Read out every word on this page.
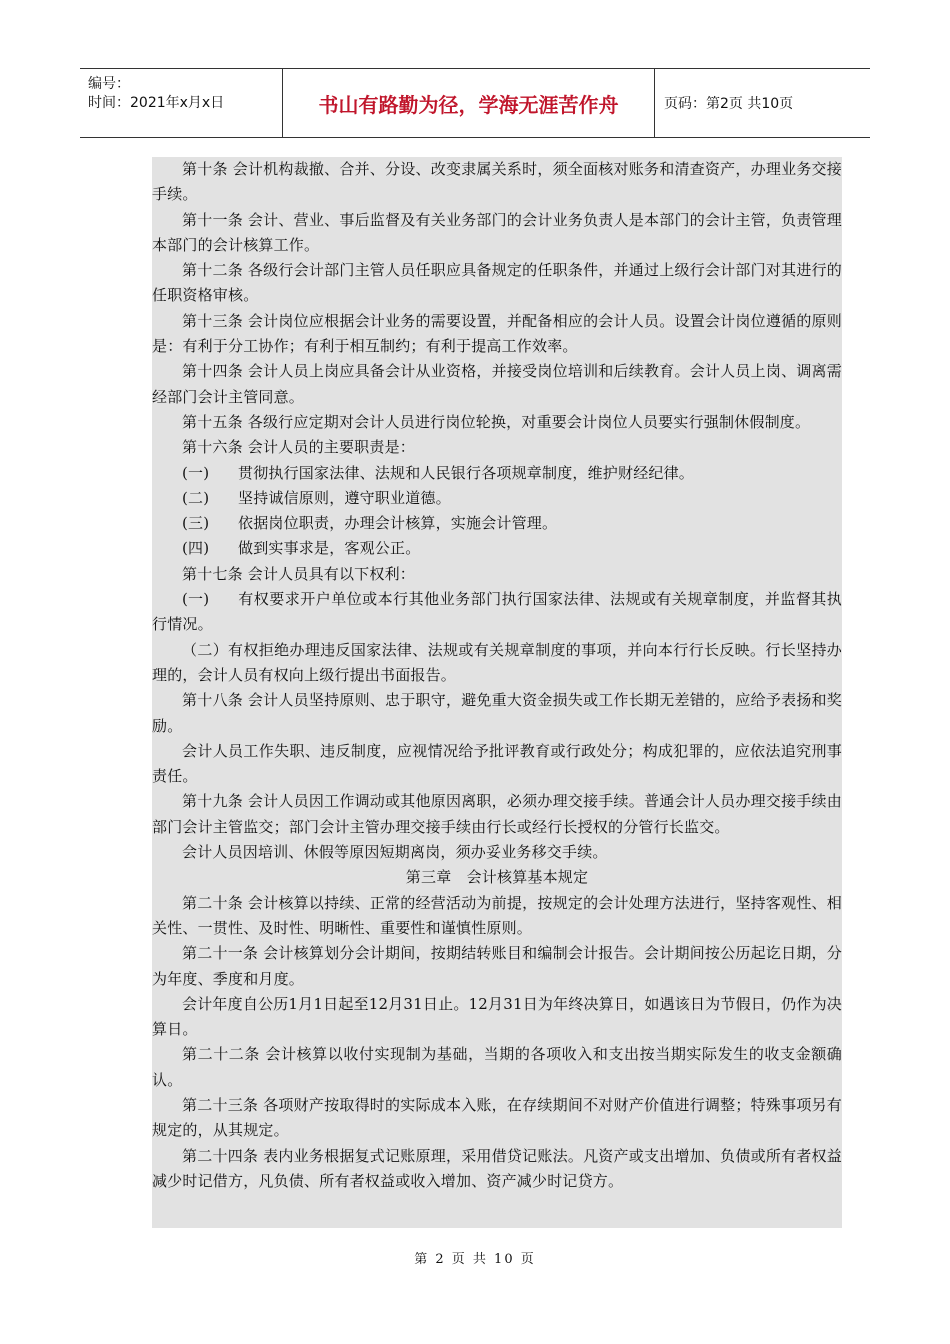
编号：
时间：2021年x月x日	书山有路勤为径，学海无涯苦作舟	页码：第2页 共10页

第十条 会计机构裁撤、合并、分设、改变隶属关系时，须全面核对账务和清查资产，办理业务交接手续。

第十一条 会计、营业、事后监督及有关业务部门的会计业务负责人是本部门的会计主管，负责管理本部门的会计核算工作。

第十二条 各级行会计部门主管人员任职应具备规定的任职条件，并通过上级行会计部门对其进行的任职资格审核。

第十三条 会计岗位应根据会计业务的需要设置，并配备相应的会计人员。设置会计岗位遵循的原则是：有利于分工协作；有利于相互制约；有利于提高工作效率。

第十四条 会计人员上岗应具备会计从业资格，并接受岗位培训和后续教育。会计人员上岗、调离需经部门会计主管同意。

第十五条 各级行应定期对会计人员进行岗位轮换，对重要会计岗位人员要实行强制休假制度。

第十六条 会计人员的主要职责是：

(一) 贯彻执行国家法律、法规和人民银行各项规章制度，维护财经纪律。

(二) 坚持诚信原则，遵守职业道德。

(三) 依据岗位职责，办理会计核算，实施会计管理。

(四) 做到实事求是，客观公正。

第十七条 会计人员具有以下权利：

(一) 有权要求开户单位或本行其他业务部门执行国家法律、法规或有关规章制度，并监督其执行情况。

（二）有权拒绝办理违反国家法律、法规或有关规章制度的事项，并向本行行长反映。行长坚持办理的，会计人员有权向上级行提出书面报告。

第十八条 会计人员坚持原则、忠于职守，避免重大资金损失或工作长期无差错的，应给予表扬和奖励。

会计人员工作失职、违反制度，应视情况给予批评教育或行政处分；构成犯罪的，应依法追究刑事责任。

第十九条 会计人员因工作调动或其他原因离职，必须办理交接手续。普通会计人员办理交接手续由部门会计主管监交；部门会计主管办理交接手续由行长或经行长授权的分管行长监交。

会计人员因培训、休假等原因短期离岗，须办妥业务移交手续。

第三章　会计核算基本规定

第二十条 会计核算以持续、正常的经营活动为前提，按规定的会计处理方法进行，坚持客观性、相关性、一贯性、及时性、明晰性、重要性和谨慎性原则。

第二十一条 会计核算划分会计期间，按期结转账目和编制会计报告。会计期间按公历起讫日期，分为年度、季度和月度。

会计年度自公历1月1日起至12月31日止。12月31日为年终决算日，如遇该日为节假日，仍作为决算日。

第二十二条 会计核算以收付实现制为基础，当期的各项收入和支出按当期实际发生的收支金额确认。

第二十三条 各项财产按取得时的实际成本入账，在存续期间不对财产价值进行调整；特殊事项另有规定的，从其规定。

第二十四条 表内业务根据复式记账原理，采用借贷记账法。凡资产或支出增加、负债或所有者权益减少时记借方，凡负债、所有者权益或收入增加、资产减少时记贷方。

第 2 页 共 10 页
